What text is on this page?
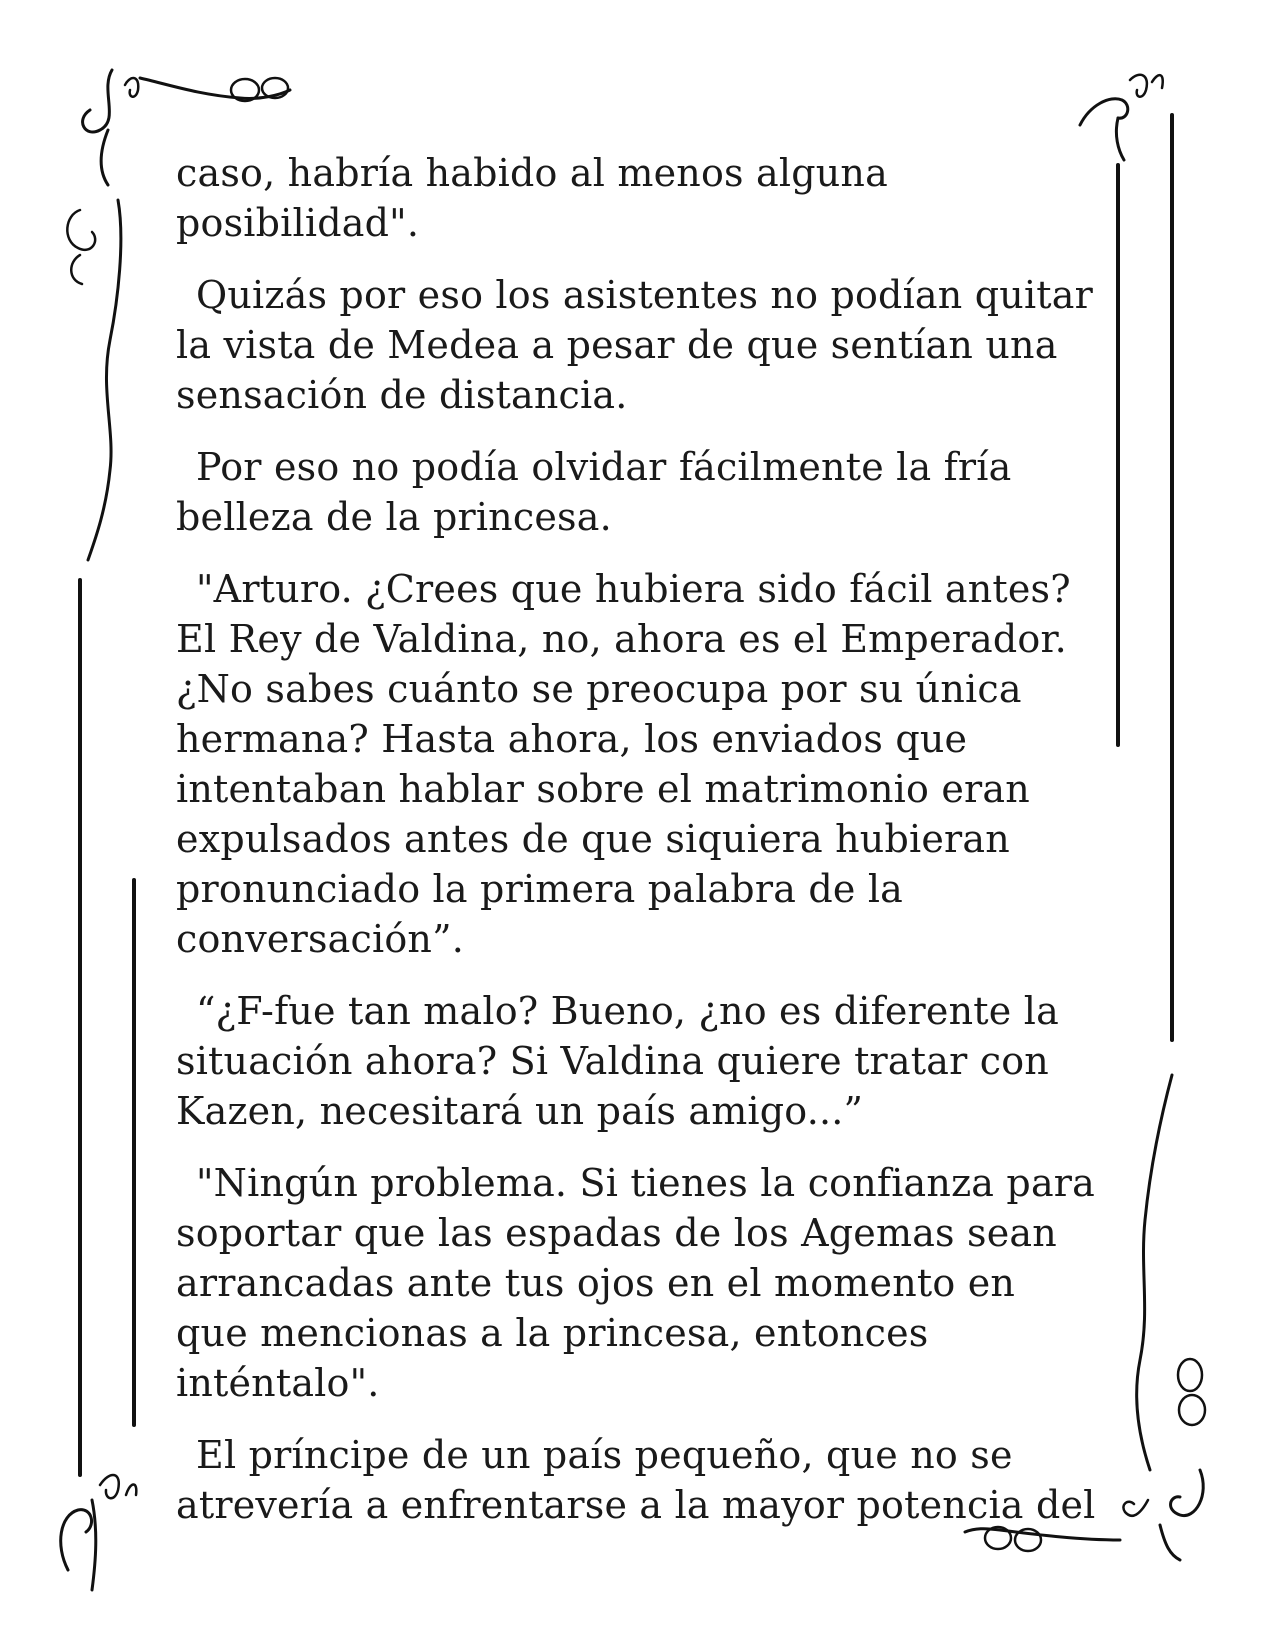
caso, habría habido al menos alguna posibilidad".

Quizás por eso los asistentes no podían quitar la vista de Medea a pesar de que sentían una sensación de distancia.

Por eso no podía olvidar fácilmente la fría belleza de la princesa.

"Arturo. ¿Crees que hubiera sido fácil antes? El Rey de Valdina, no, ahora es el Emperador. ¿No sabes cuánto se preocupa por su única hermana? Hasta ahora, los enviados que intentaban hablar sobre el matrimonio eran expulsados antes de que siquiera hubieran pronunciado la primera palabra de la conversación”.

“¿F-fue tan malo? Bueno, ¿no es diferente la situación ahora? Si Valdina quiere tratar con Kazen, necesitará un país amigo...”

"Ningún problema. Si tienes la confianza para soportar que las espadas de los Agemas sean arrancadas ante tus ojos en el momento en que mencionas a la princesa, entonces inténtalo".

El príncipe de un país pequeño, que no se atrevería a enfrentarse a la mayor potencia del
